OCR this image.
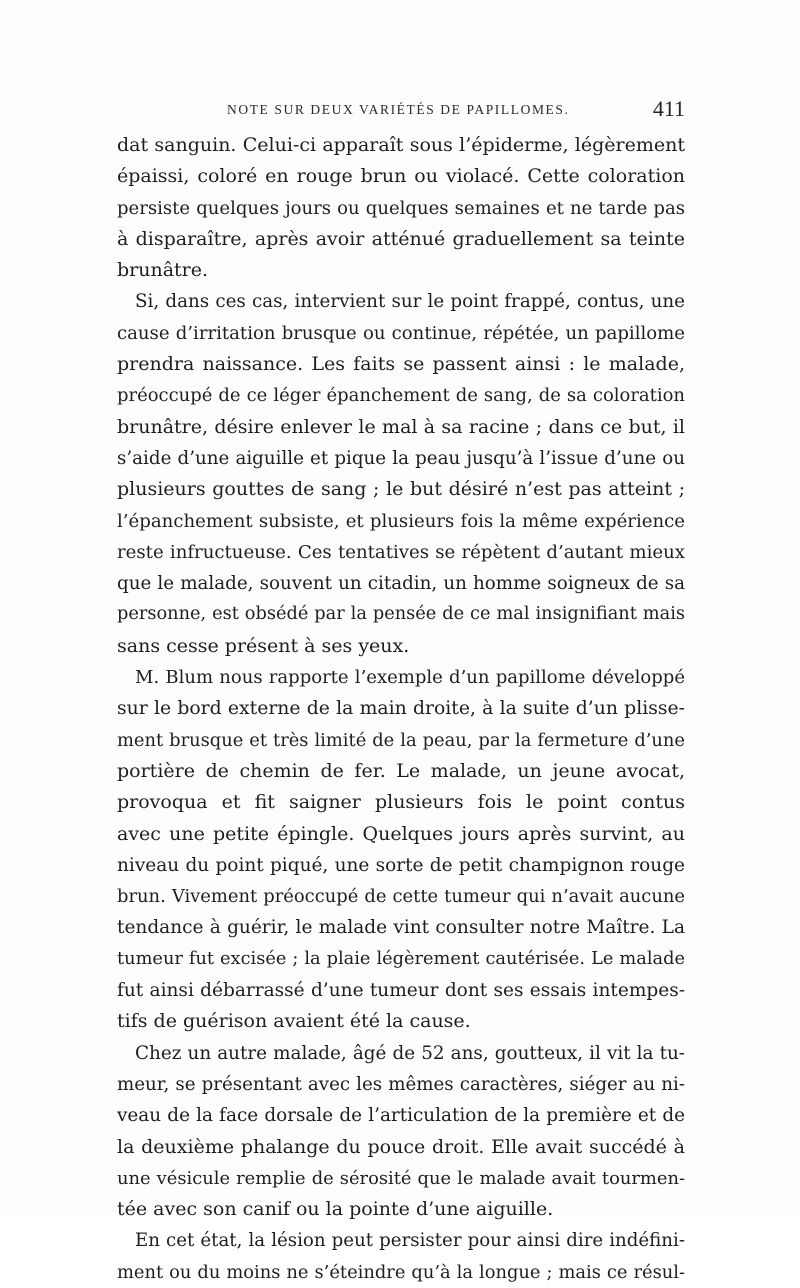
NOTE SUR DEUX VARIÉTÉS DE PAPILLOMES.	411
dat sanguin. Celui-ci apparaît sous l’épiderme, légèrement
épaissi, coloré en rouge brun ou violacé. Cette coloration
persiste quelques jours ou quelques semaines et ne tarde pas
à disparaître, après avoir atténué graduellement sa teinte
brunâtre.
Si, dans ces cas, intervient sur le point frappé, contus, une
cause d’irritation brusque ou continue, répétée, un papillome
prendra naissance. Les faits se passent ainsi : le malade,
préoccupé de ce léger épanchement de sang, de sa coloration
brunâtre, désire enlever le mal à sa racine ; dans ce but, il
s’aide d’une aiguille et pique la peau jusqu’à l’issue d’une ou
plusieurs gouttes de sang ; le but désiré n’est pas atteint ;
l’épanchement subsiste, et plusieurs fois la même expérience
reste infructueuse. Ces tentatives se répètent d’autant mieux
que le malade, souvent un citadin, un homme soigneux de sa
personne, est obsédé par la pensée de ce mal insignifiant mais
sans cesse présent à ses yeux.
M. Blum nous rapporte l’exemple d’un papillome développé
sur le bord externe de la main droite, à la suite d’un plisse-
ment brusque et très limité de la peau, par la fermeture d’une
portière de chemin de fer. Le malade, un jeune avocat,
provoqua et fit saigner plusieurs fois le point contus
avec une petite épingle. Quelques jours après survint, au
niveau du point piqué, une sorte de petit champignon rouge
brun. Vivement préoccupé de cette tumeur qui n’avait aucune
tendance à guérir, le malade vint consulter notre Maître. La
tumeur fut excisée ; la plaie légèrement cautérisée. Le malade
fut ainsi débarrassé d’une tumeur dont ses essais intempes-
tifs de guérison avaient été la cause.
Chez un autre malade, âgé de 52 ans, goutteux, il vit la tu-
meur, se présentant avec les mêmes caractères, siéger au ni-
veau de la face dorsale de l’articulation de la première et de
la deuxième phalange du pouce droit. Elle avait succédé à
une vésicule remplie de sérosité que le malade avait tourmen-
tée avec son canif ou la pointe d’une aiguille.
En cet état, la lésion peut persister pour ainsi dire indéfini-
ment ou du moins ne s’éteindre qu’à la longue ; mais ce résul-
